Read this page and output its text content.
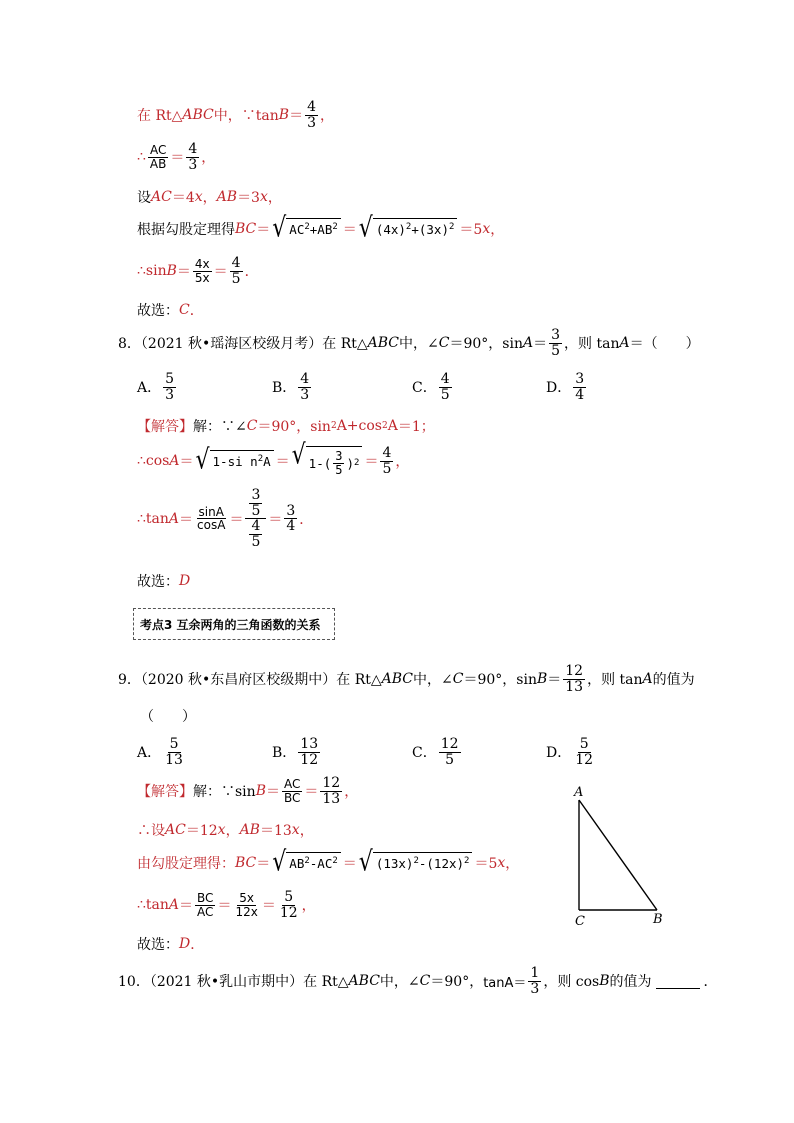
在 Rt△ ABC 中，∵tan $B = \frac{4}{3}$ ，
∴ $\frac{AC}{AB} = \frac{4}{3}$ ，
设 AC ＝4 x ， AB ＝3 x ，
根据勾股定理得 BC ＝ √ $AC^2+AB^2$ ＝ √ $(4x)^2+(3x)^2 =5$ x ，
∴sin $B = \frac{4x}{5x} = \frac{4}{5}$ ．
故选： C ．
8．（2021 秋•瑶海区校级月考）在 Rt△ ABC 中，∠ C ＝90°，$\sin A = \frac{3}{5}$ ，则 tan A ＝（　　）
A． $\frac{5}{3}$	B． $\frac{4}{3}$	C． $\frac{4}{5}$	D． $\frac{3}{4}$
【解答】 解：∵∠ C ＝90°，sin 2 A+cos 2 A ＝1；
∴cos A ＝ √ 1-si $n^2A$ ＝ √ $1-( \frac{3}{5}$ ) $2 = \frac{4}{5}$ ，
∴tan $A = \frac{\sin A}{\cos A} = \frac{\frac{3}{5}}{\frac{4}{5}} = \frac{3}{4}$ ．
故选： D
考点3 互余两角的三角函数的关系
9．（2020 秋•东昌府区校级期中）在 Rt△ ABC 中，∠ C ＝90°，$\sin B = \frac{12}{13}$ ，则 tan A 的值为
（　　）
A． $\frac{5}{13}$	B． $\frac{13}{12}$	C． $\frac{12}{5}$	D． $\frac{5}{12}$
【解答】 解：∵sin $B = \frac{AC}{BC} = \frac{12}{13}$ ，
∴设 AC ＝12 x ， AB ＝13 x ，
由勾股定理得： BC ＝ √ $AB^2-AC^2$ ＝ √ $(13x)^2-(12x)^2 =5$ x ，
∴tan $A = \frac{BC}{AC} = \frac{5x}{12x} = \frac{5}{12}$ ，
故选： D ．
A
C	B
10．（2021 秋•乳山市期中）在 Rt△ ABC 中，∠ C ＝90°， $\tan A= \frac{1}{3}$ ，则 cos B 的值为	．
